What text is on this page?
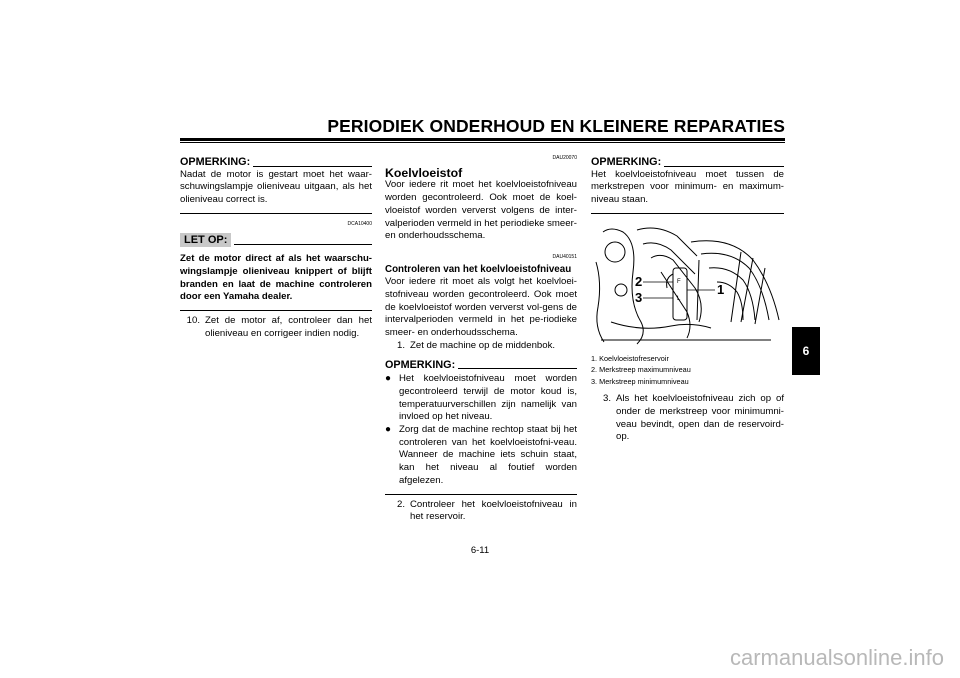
PERIODIEK ONDERHOUD EN KLEINERE REPARATIES
OPMERKING:

Nadat de motor is gestart moet het waar-schuwingslampje olieniveau uitgaan, als het olieniveau correct is.

DCA10400
LET OP:

Zet de motor direct af als het waarschu-wingslampje olieniveau knippert of blijft branden en laat de machine controleren door een Yamaha dealer.

10. Zet de motor af, controleer dan het olieniveau en corrigeer indien nodig.
DAU20070
Koelvloeistof

Voor iedere rit moet het koelvloeistofniveau worden gecontroleerd. Ook moet de koel-vloeistof worden ververst volgens de inter-valperioden vermeld in het periodieke smeer- en onderhoudsschema.

DAU40151
Controleren van het koelvloeistofniveau

Voor iedere rit moet als volgt het koelvloei-stofniveau worden gecontroleerd. Ook moet de koelvloeistof worden ververst vol-gens de intervalperioden vermeld in het pe-riodieke smeer- en onderhoudsschema.

1. Zet de machine op de middenbok.
OPMERKING:
● Het koelvloeistofniveau moet worden gecontroleerd terwijl de motor koud is, temperatuurverschillen zijn namelijk van invloed op het niveau.
● Zorg dat de machine rechtop staat bij het controleren van het koelvloeistofni-veau. Wanneer de machine iets schuin staat, kan het niveau al foutief worden afgelezen.
2. Controleer het koelvloeistofniveau in het reservoir.
OPMERKING:

Het koelvloeistofniveau moet tussen de merkstrepen voor minimum- en maximum-niveau staan.

2
3
1
F
L
1. Koelvloeistofreservoir
2. Merkstreep maximumniveau
3. Merkstreep minimumniveau
3. Als het koelvloeistofniveau zich op of onder de merkstreep voor minimumni-veau bevindt, open dan de reservoird-op.
6
6-11
carmanualsonline.info
